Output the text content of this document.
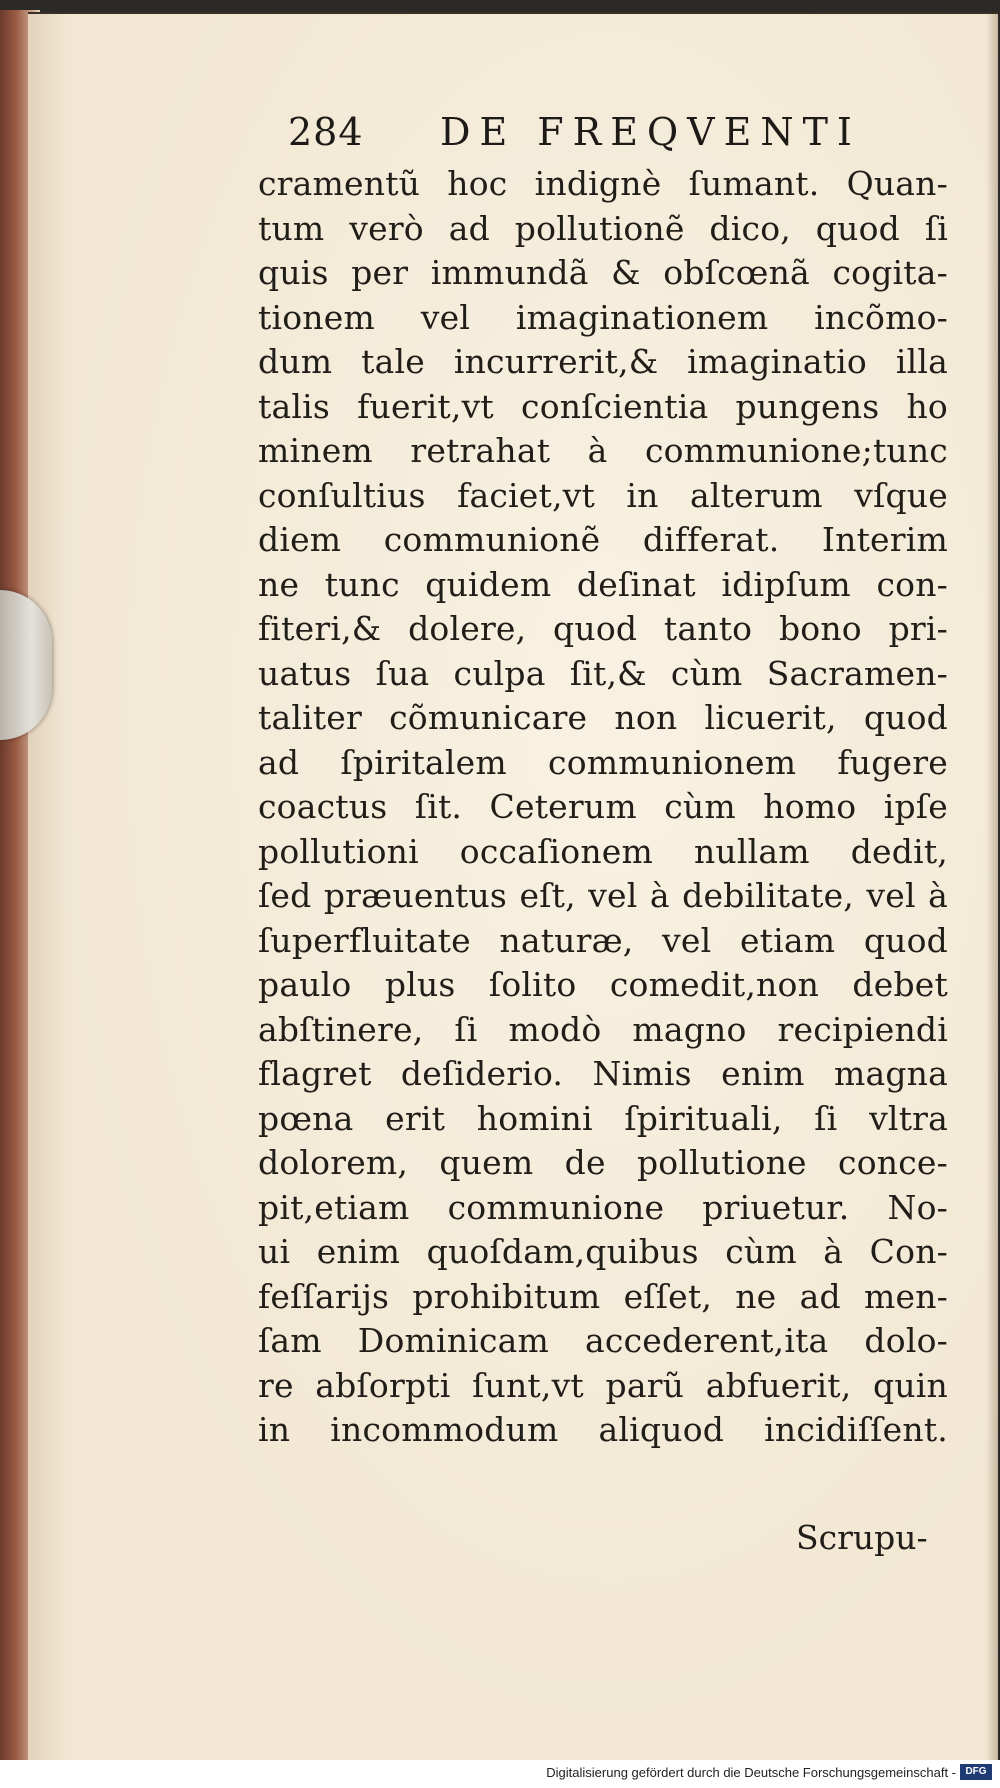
284 DE FREQVENTI
cramentũ hoc indignè ſumant. Quan-
tum verò ad pollutionẽ dico, quod ſi
quis per immundã & obſcœnã cogita-
tionem vel imaginationem incõmo-
dum tale incurrerit,& imaginatio illa
talis fuerit,vt conſcientia pungens ho
minem retrahat à communione;tunc
conſultius faciet,vt in alterum vſque
diem communionẽ differat. Interim
ne tunc quidem deſinat idipſum con-
fiteri,& dolere, quod tanto bono pri-
uatus ſua culpa ſit,& cùm Sacramen-
taliter cõmunicare non licuerit, quod
ad ſpiritalem communionem fugere
coactus ſit. Ceterum cùm homo ipſe
pollutioni occaſionem nullam dedit,
ſed præuentus eſt, vel à debilitate, vel à
ſuperfluitate naturæ, vel etiam quod
paulo plus ſolito comedit,non debet
abſtinere, ſi modò magno recipiendi
flagret deſiderio. Nimis enim magna
pœna erit homini ſpirituali, ſi vltra
dolorem, quem de pollutione conce-
pit,etiam communione priuetur. No-
ui enim quoſdam,quibus cùm à Con-
feſſarijs prohibitum eſſet, ne ad men-
ſam Dominicam accederent,ita dolo-
re abſorpti ſunt,vt parũ abfuerit, quin
in incommodum aliquod incidiſſent.
Scrupu-
Digitalisierung gefördert durch die Deutsche Forschungsgemeinschaft - DFG
